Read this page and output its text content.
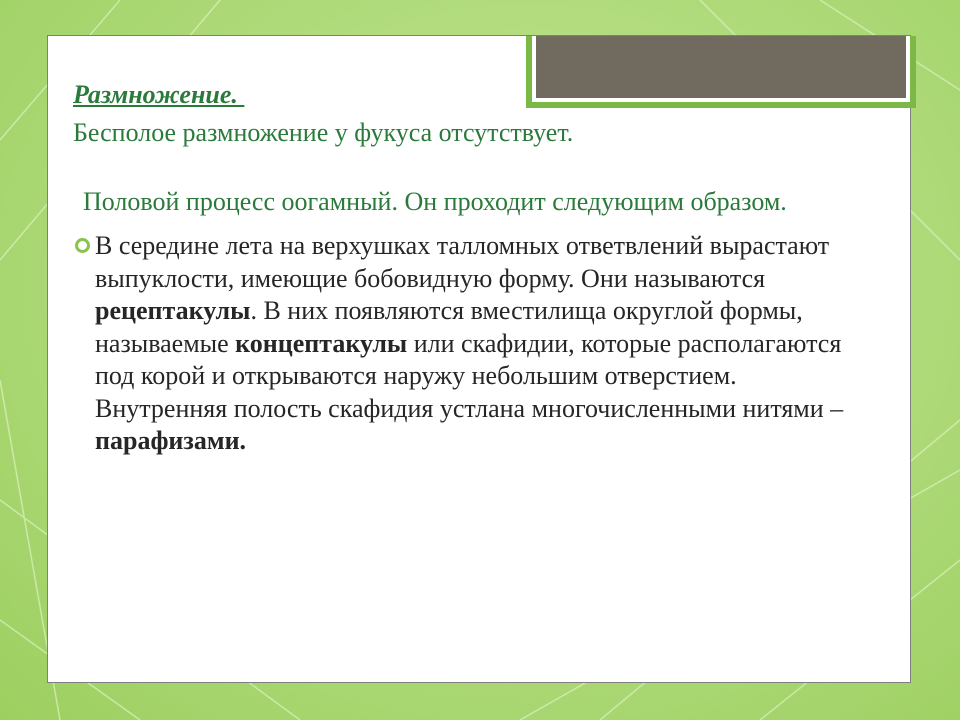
Размножение.

Бесполое размножение у фукуса отсутствует.

Половой процесс оогамный. Он проходит следующим образом.

В середине лета на верхушках талломных ответвлений вырастают выпуклости, имеющие бобовидную форму. Они называются рецептакулы. В них появляются вместилища округлой формы, называемые концептакулы или скафидии, которые располагаются под корой и открываются наружу небольшим отверстием. Внутренняя полость скафидия устлана многочисленными нитями – парафизами.
